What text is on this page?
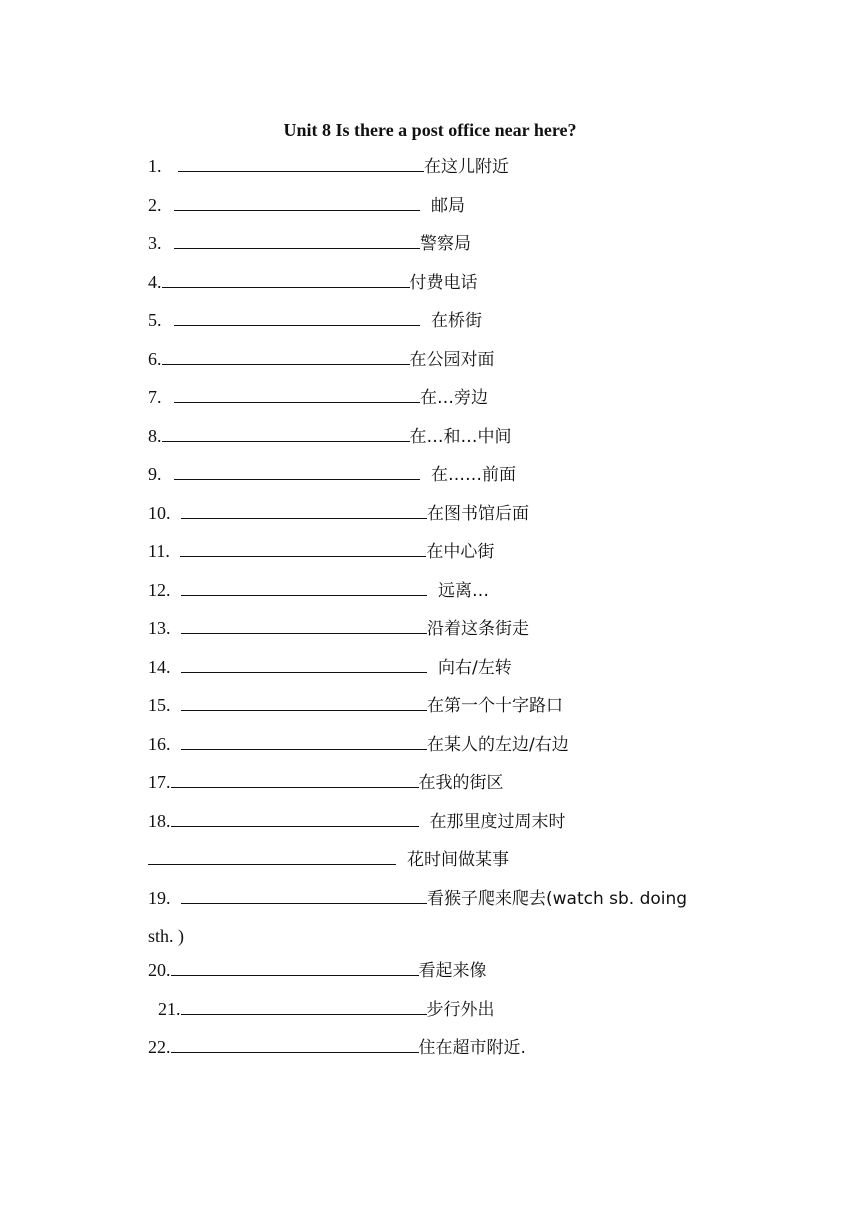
Unit 8 Is there a post office near here?
1.	在这儿附近
2.	邮局
3.	警察局
4.	付费电话
5.	在桥街
6.	在公园对面
7.	在…旁边
8.	在…和…中间
9.	在……前面
10.	在图书馆后面
11.	在中心街
12.	远离…
13.	沿着这条街走
14.	向右/左转
15.	在第一个十字路口
16.	在某人的左边/右边
17.	在我的街区
18.	在那里度过周末时
花时间做某事
19.	看猴子爬来爬去(watch sb. doing
sth. )
20.	看起来像
21.	步行外出
22.	住在超市附近.
